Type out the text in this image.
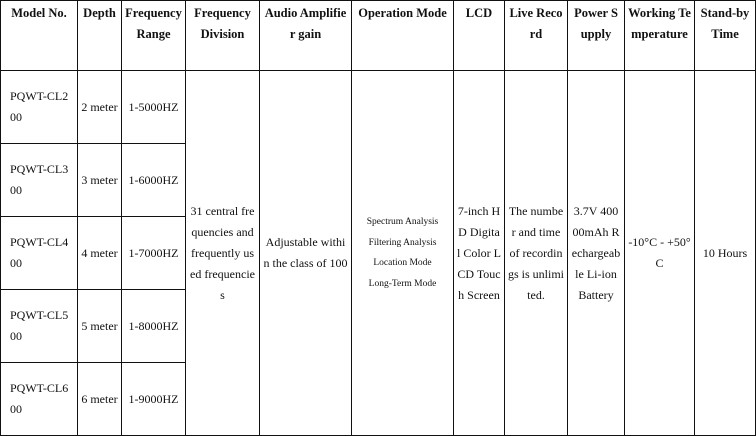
Model No.	Depth	Frequency Range	Frequency Division	Audio Amplifier gain	Operation Mode	LCD	Live Record	Power Supply	Working Temperature	Stand-by Time
PQWT-CL200	2 meter	1-5000HZ	31 central frequencies and frequently used frequencies	Adjustable within the class of 100	Spectrum Analysis
Filtering Analysis
Location Mode
Long-Term Mode	7-inch HD Digital Color LCD Touch Screen	The number and time of recordings is unlimited.	3.7V 40000mAh Rechargeable Li-ion Battery	-10°C - +50°C	10 Hours
PQWT-CL300	3 meter	1-6000HZ								
PQWT-CL400	4 meter	1-7000HZ								
PQWT-CL500	5 meter	1-8000HZ								
PQWT-CL600	6 meter	1-9000HZ								
